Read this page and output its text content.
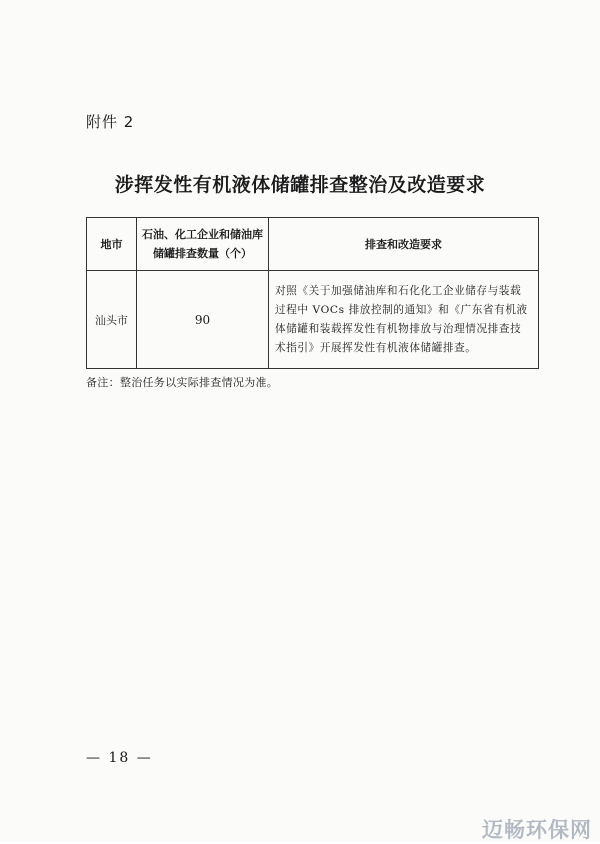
附件 2
涉挥发性有机液体储罐排查整治及改造要求
地市	石油、化工企业和储油库储罐排查数量（个）	排查和改造要求
汕头市	90	对照《关于加强储油库和石化化工企业储存与装载过程中 VOCs 排放控制的通知》和《广东省有机液体储罐和装载挥发性有机物排放与治理情况排查技术指引》开展挥发性有机液体储罐排查。
备注：整治任务以实际排查情况为准。
— 18 —
迈畅环保网
